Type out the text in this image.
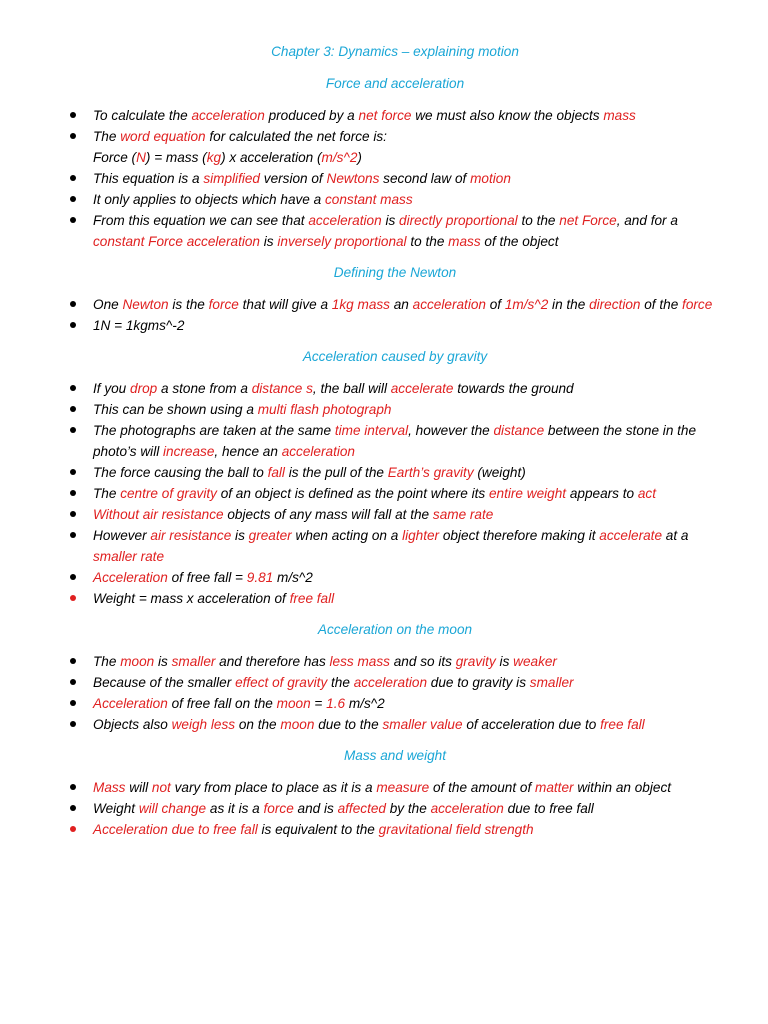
Chapter 3: Dynamics – explaining motion
Force and acceleration
To calculate the acceleration produced by a net force we must also know the objects mass
The word equation for calculated the net force is:
Force (N) = mass (kg) x acceleration (m/s^2)
This equation is a simplified version of Newtons second law of motion
It only applies to objects which have a constant mass
From this equation we can see that acceleration is directly proportional to the net Force, and for a constant Force acceleration is inversely proportional to the mass of the object
Defining the Newton
One Newton is the force that will give a 1kg mass an acceleration of 1m/s^2 in the direction of the force
1N = 1kgms^-2
Acceleration caused by gravity
If you drop a stone from a distance s, the ball will accelerate towards the ground
This can be shown using a multi flash photograph
The photographs are taken at the same time interval, however the distance between the stone in the photo’s will increase, hence an acceleration
The force causing the ball to fall is the pull of the Earth’s gravity (weight)
The centre of gravity of an object is defined as the point where its entire weight appears to act
Without air resistance objects of any mass will fall at the same rate
However air resistance is greater when acting on a lighter object therefore making it accelerate at a smaller rate
Acceleration of free fall = 9.81 m/s^2
Weight = mass x acceleration of free fall
Acceleration on the moon
The moon is smaller and therefore has less mass and so its gravity is weaker
Because of the smaller effect of gravity the acceleration due to gravity is smaller
Acceleration of free fall on the moon = 1.6 m/s^2
Objects also weigh less on the moon due to the smaller value of acceleration due to free fall
Mass and weight
Mass will not vary from place to place as it is a measure of the amount of matter within an object
Weight will change as it is a force and is affected by the acceleration due to free fall
Acceleration due to free fall is equivalent to the gravitational field strength
